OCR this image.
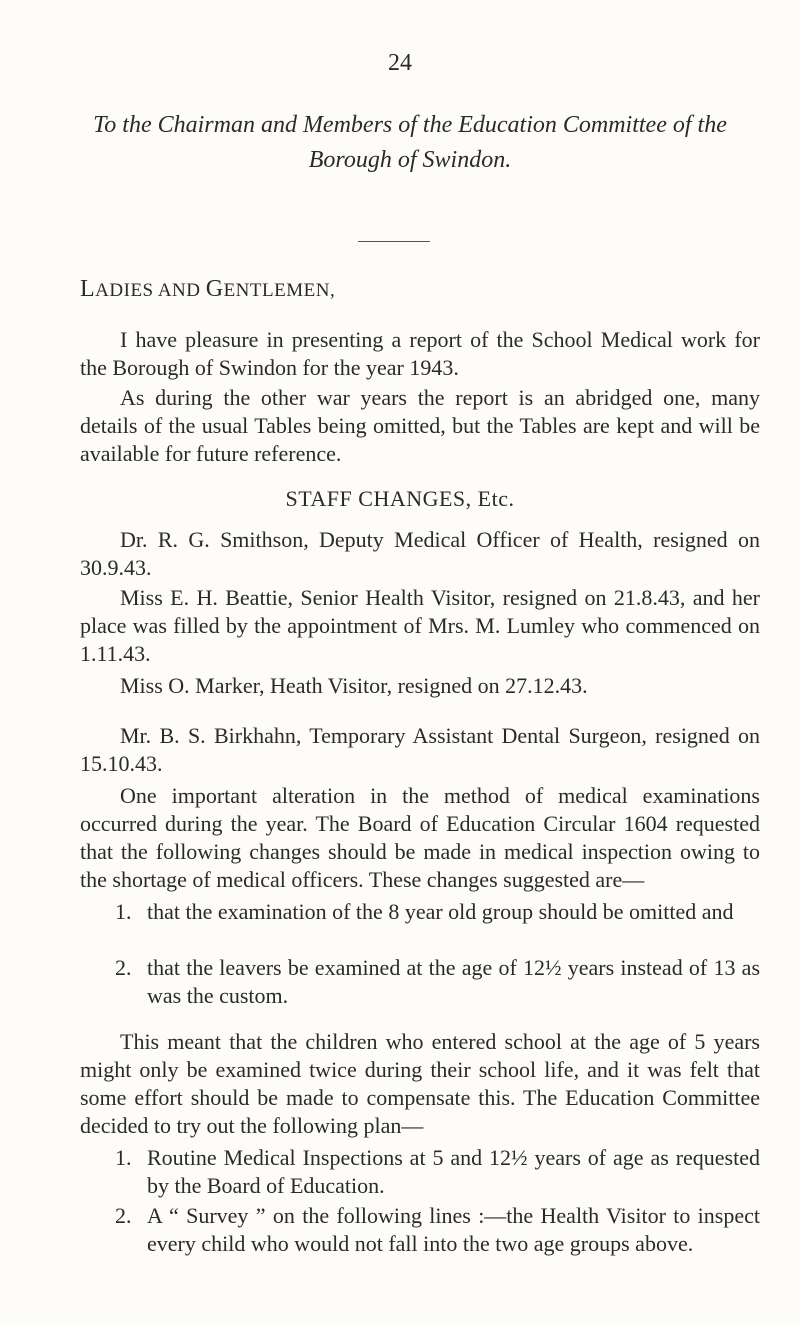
24
To the Chairman and Members of the Education Committee of the
Borough of Swindon.
LADIES AND GENTLEMEN,

I have pleasure in presenting a report of the School Medical work for the Borough of Swindon for the year 1943.

As during the other war years the report is an abridged one, many details of the usual Tables being omitted, but the Tables are kept and will be available for future reference.

STAFF CHANGES, Etc.

Dr. R. G. Smithson, Deputy Medical Officer of Health, resigned on 30.9.43.

Miss E. H. Beattie, Senior Health Visitor, resigned on 21.8.43, and her place was filled by the appointment of Mrs. M. Lumley who commenced on 1.11.43.

Miss O. Marker, Heath Visitor, resigned on 27.12.43.

Mr. B. S. Birkhahn, Temporary Assistant Dental Surgeon, resigned on 15.10.43.

One important alteration in the method of medical examinations occurred during the year. The Board of Education Circular 1604 requested that the following changes should be made in medical inspection owing to the shortage of medical officers. These changes suggested are—

1. that the examination of the 8 year old group should be omitted and
2. that the leavers be examined at the age of 12½ years instead of 13 as was the custom.

This meant that the children who entered school at the age of 5 years might only be examined twice during their school life, and it was felt that some effort should be made to compensate this. The Education Committee decided to try out the following plan—

1. Routine Medical Inspections at 5 and 12½ years of age as requested by the Board of Education.
2. A “ Survey ” on the following lines :—the Health Visitor to inspect every child who would not fall into the two age groups above.
